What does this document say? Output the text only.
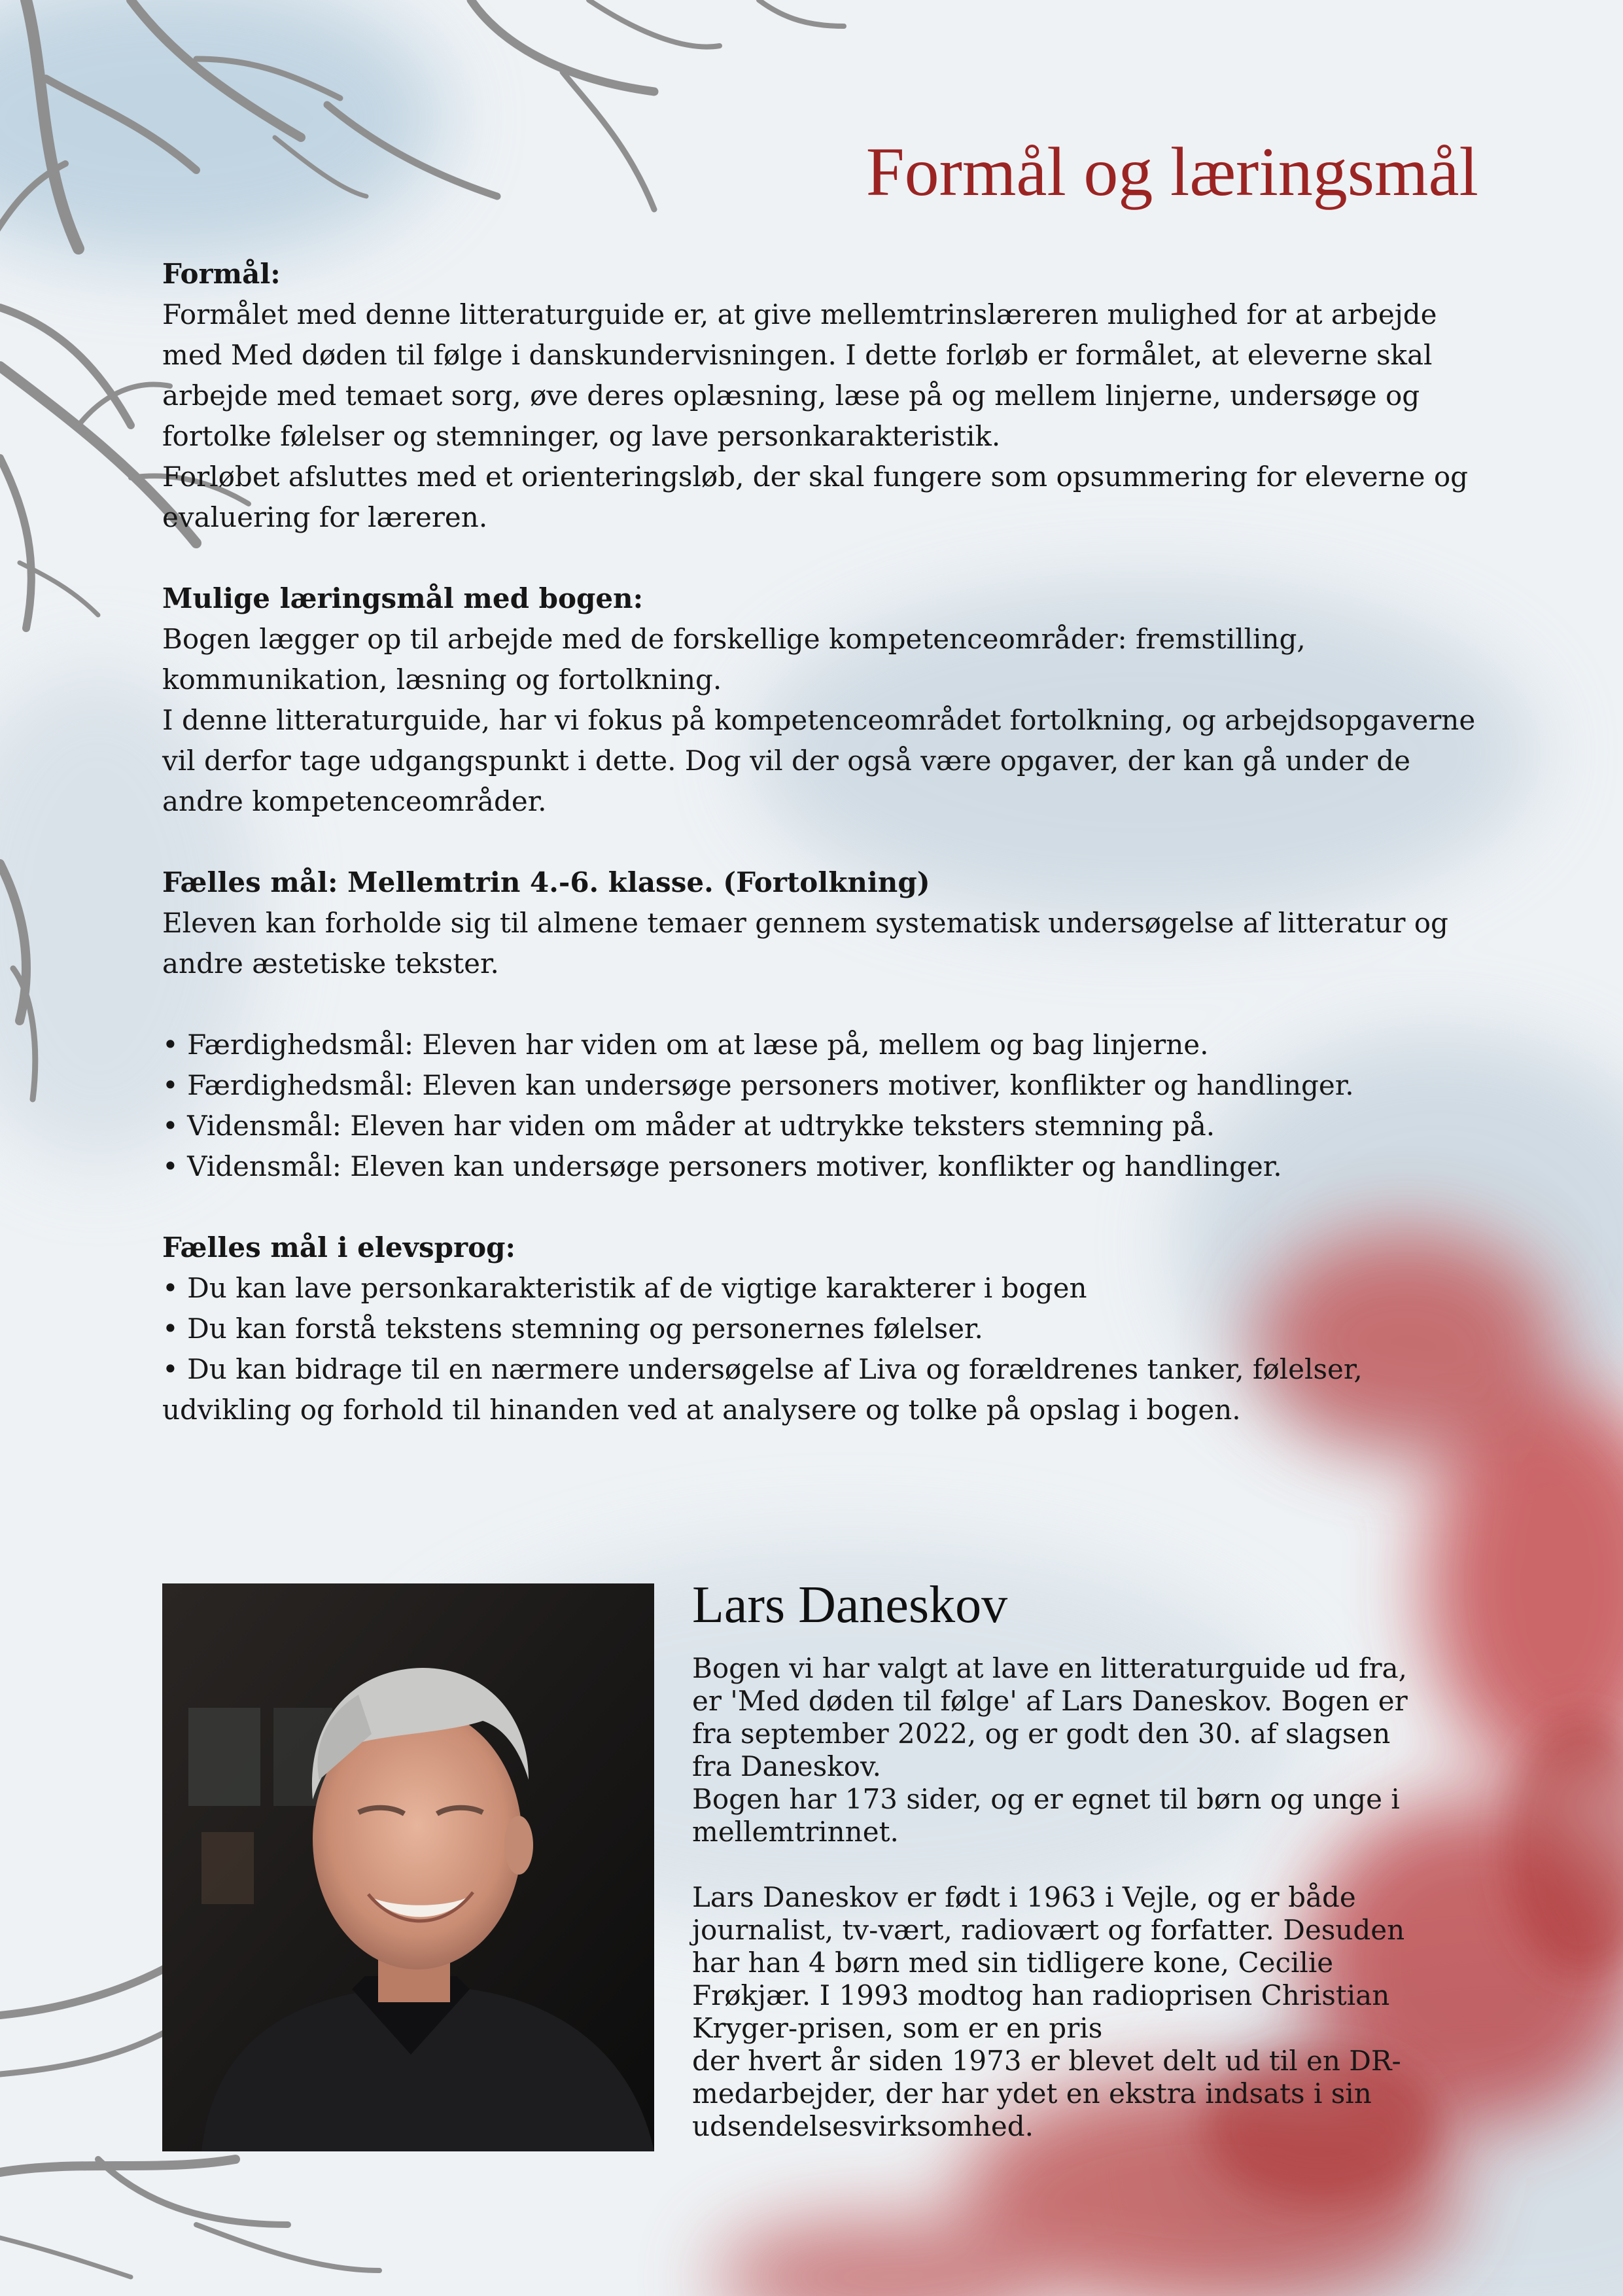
Formål og læringsmål

Formål:

Formålet med denne litteraturguide er, at give mellemtrinslæreren mulighed for at arbejde med Med døden til følge i danskundervisningen. I dette forløb er formålet, at eleverne skal arbejde med temaet sorg, øve deres oplæsning, læse på og mellem linjerne, undersøge og fortolke følelser og stemninger, og lave personkarakteristik.

Forløbet afsluttes med et orienteringsløb, der skal fungere som opsummering for eleverne og evaluering for læreren.

Mulige læringsmål med bogen:

Bogen lægger op til arbejde med de forskellige kompetenceområder: fremstilling, kommunikation, læsning og fortolkning.

I denne litteraturguide, har vi fokus på kompetenceområdet fortolkning, og arbejdsopgaverne vil derfor tage udgangspunkt i dette. Dog vil der også være opgaver, der kan gå under de andre kompetenceområder.

Fælles mål: Mellemtrin 4.-6. klasse. (Fortolkning)

Eleven kan forholde sig til almene temaer gennem systematisk undersøgelse af litteratur og andre æstetiske tekster.

• Færdighedsmål: Eleven har viden om at læse på, mellem og bag linjerne.
• Færdighedsmål: Eleven kan undersøge personers motiver, konflikter og handlinger.
• Vidensmål: Eleven har viden om måder at udtrykke teksters stemning på.
• Vidensmål: Eleven kan undersøge personers motiver, konflikter og handlinger.

Fælles mål i elevsprog:

• Du kan lave personkarakteristik af de vigtige karakterer i bogen
• Du kan forstå tekstens stemning og personernes følelser.
• Du kan bidrage til en nærmere undersøgelse af Liva og forældrenes tanker, følelser, udvikling og forhold til hinanden ved at analysere og tolke på opslag i bogen.
Lars Daneskov

Bogen vi har valgt at lave en litteraturguide ud fra,
er 'Med døden til følge' af Lars Daneskov. Bogen er
fra september 2022, og er godt den 30. af slagsen
fra Daneskov.
Bogen har 173 sider, og er egnet til børn og unge i
mellemtrinnet.

Lars Daneskov er født i 1963 i Vejle, og er både
journalist, tv-vært, radiovært og forfatter. Desuden
har han 4 børn med sin tidligere kone, Cecilie
Frøkjær. I 1993 modtog han radioprisen Christian
Kryger-prisen, som er en pris
der hvert år siden 1973 er blevet delt ud til en DR-
medarbejder, der har ydet en ekstra indsats i sin
udsendelsesvirksomhed.
